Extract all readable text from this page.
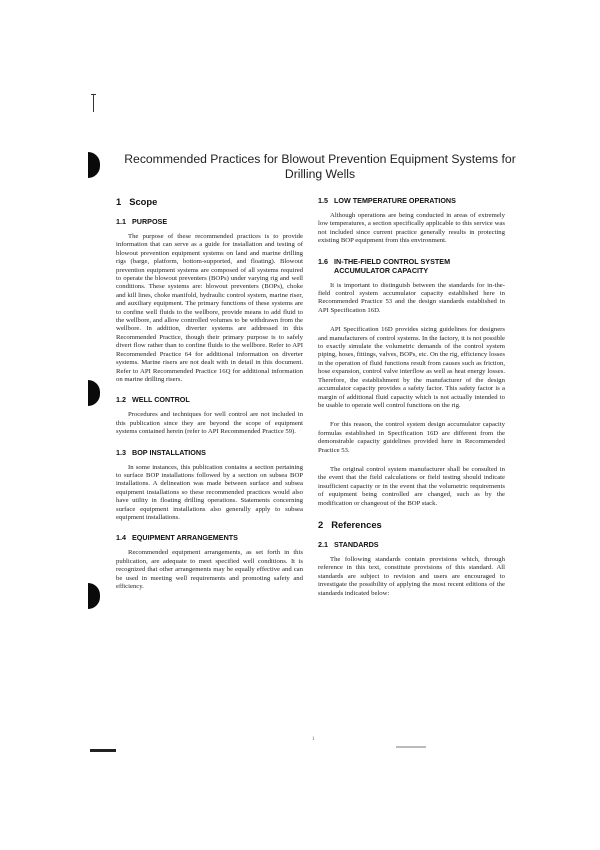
Recommended Practices for Blowout Prevention Equipment Systems for
Drilling Wells
1 Scope
1.1 PURPOSE

The purpose of these recommended practices is to provide information that can serve as a guide for installation and testing of blowout prevention equipment systems on land and marine drilling rigs (barge, platform, bottom-supported, and floating). Blowout prevention equipment systems are composed of all systems required to operate the blowout preventers (BOPs) under varying rig and well conditions. These systems are: blowout preventers (BOPs), choke and kill lines, choke manifold, hydraulic control system, marine riser, and auxiliary equipment. The primary functions of these systems are to confine well fluids to the wellbore, provide means to add fluid to the wellbore, and allow controlled volumes to be withdrawn from the wellbore. In addition, diverter systems are addressed in this Recommended Practice, though their primary purpose is to safely divert flow rather than to confine fluids to the wellbore. Refer to API Recommended Practice 64 for additional information on diverter systems. Marine risers are not dealt with in detail in this document. Refer to API Recommended Practice 16Q for additional information on marine drilling risers.

1.2 WELL CONTROL

Procedures and techniques for well control are not included in this publication since they are beyond the scope of equipment systems contained herein (refer to API Recommended Practice 59).

1.3 BOP INSTALLATIONS

In some instances, this publication contains a section pertaining to surface BOP installations followed by a section on subsea BOP installations. A delineation was made between surface and subsea equipment installations so these recommended practices would also have utility in floating drilling operations. Statements concerning surface equipment installations also generally apply to subsea equipment installations.

1.4 EQUIPMENT ARRANGEMENTS

Recommended equipment arrangements, as set forth in this publication, are adequate to meet specified well conditions. It is recognized that other arrangements may be equally effective and can be used in meeting well requirements and promoting safety and efficiency.

1.5 LOW TEMPERATURE OPERATIONS

Although operations are being conducted in areas of extremely low temperatures, a section specifically applicable to this service was not included since current practice generally results in protecting existing BOP equipment from this environment.

1.6 IN-THE-FIELD CONTROL SYSTEM ACCUMULATOR CAPACITY

It is important to distinguish between the standards for in-the-field control system accumulator capacity established here in Recommended Practice 53 and the design standards established in API Specification 16D.

API Specification 16D provides sizing guidelines for designers and manufacturers of control systems. In the factory, it is not possible to exactly simulate the volumetric demands of the control system piping, hoses, fittings, valves, BOPs, etc. On the rig, efficiency losses in the operation of fluid functions result from causes such as friction, hose expansion, control valve interflow as well as heat energy losses. Therefore, the establishment by the manufacturer of the design accumulator capacity provides a safety factor. This safety factor is a margin of additional fluid capacity which is not actually intended to be usable to operate well control functions on the rig.

For this reason, the control system design accumulator capacity formulas established in Specification 16D are different from the demonstrable capacity guidelines provided here in Recommended Practice 53.

The original control system manufacturer shall be consulted in the event that the field calculations or field testing should indicate insufficient capacity or in the event that the volumetric requirements of equipment being controlled are changed, such as by the modification or changeout of the BOP stack.

2 References
2.1 STANDARDS

The following standards contain provisions which, through reference in this text, constitute provisions of this standard. All standards are subject to revision and users are encouraged to investigate the possibility of applying the most recent editions of the standards indicated below:

1
